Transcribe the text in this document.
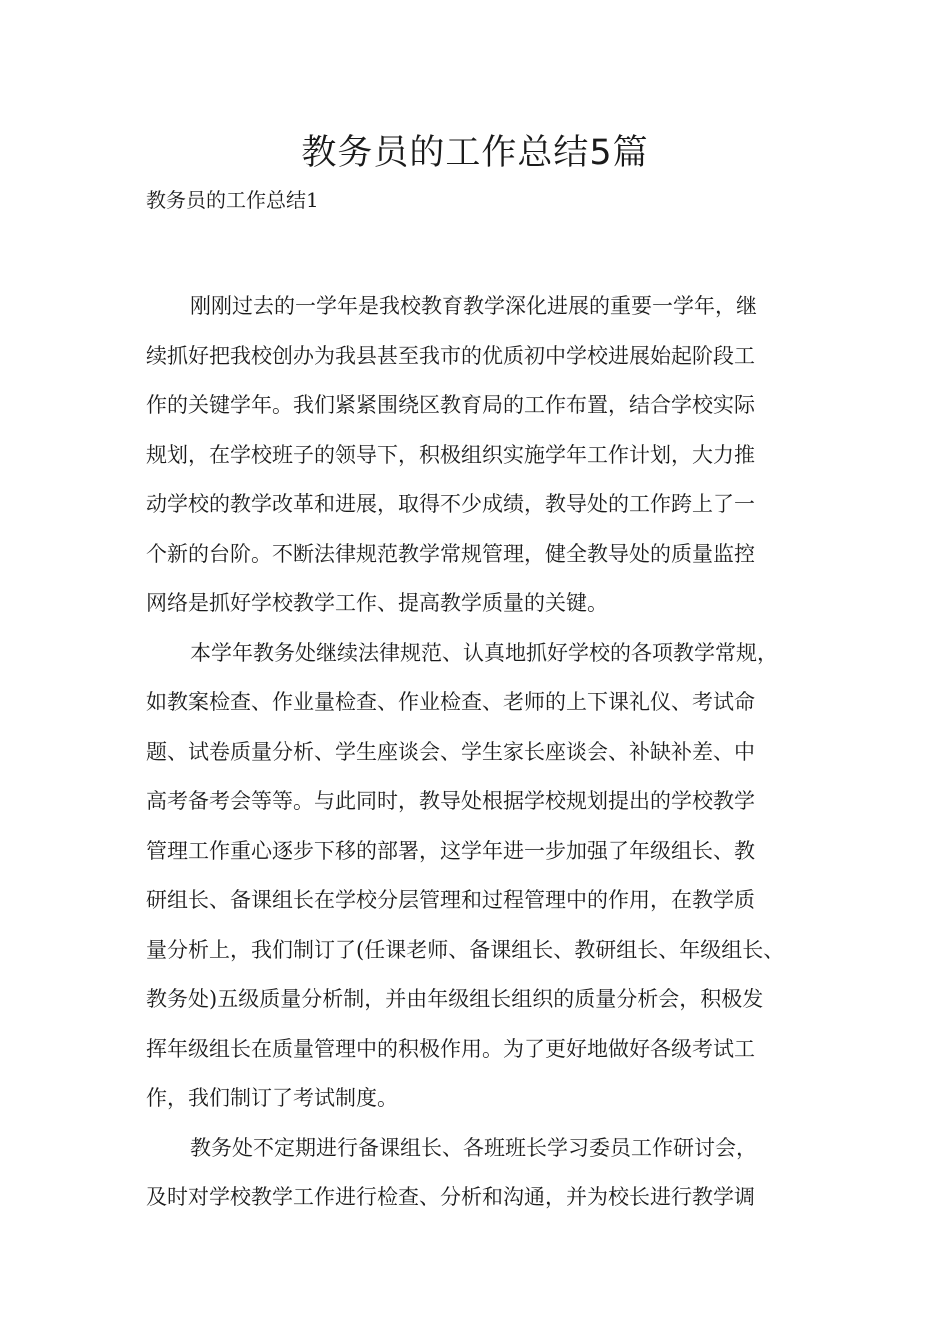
教务员的工作总结5篇
教务员的工作总结1
刚刚过去的一学年是我校教育教学深化进展的重要一学年，继
续抓好把我校创办为我县甚至我市的优质初中学校进展始起阶段工
作的关键学年。我们紧紧围绕区教育局的工作布置，结合学校实际
规划，在学校班子的领导下，积极组织实施学年工作计划，大力推
动学校的教学改革和进展，取得不少成绩，教导处的工作跨上了一
个新的台阶。不断法律规范教学常规管理，健全教导处的质量监控
网络是抓好学校教学工作、提高教学质量的关键。
本学年教务处继续法律规范、认真地抓好学校的各项教学常规，
如教案检查、作业量检查、作业检查、老师的上下课礼仪、考试命
题、试卷质量分析、学生座谈会、学生家长座谈会、补缺补差、中
高考备考会等等。与此同时，教导处根据学校规划提出的学校教学
管理工作重心逐步下移的部署，这学年进一步加强了年级组长、教
研组长、备课组长在学校分层管理和过程管理中的作用，在教学质
量分析上，我们制订了(任课老师、备课组长、教研组长、年级组长、
教务处)五级质量分析制，并由年级组长组织的质量分析会，积极发
挥年级组长在质量管理中的积极作用。为了更好地做好各级考试工
作，我们制订了考试制度。
教务处不定期进行备课组长、各班班长学习委员工作研讨会，
及时对学校教学工作进行检查、分析和沟通，并为校长进行教学调
